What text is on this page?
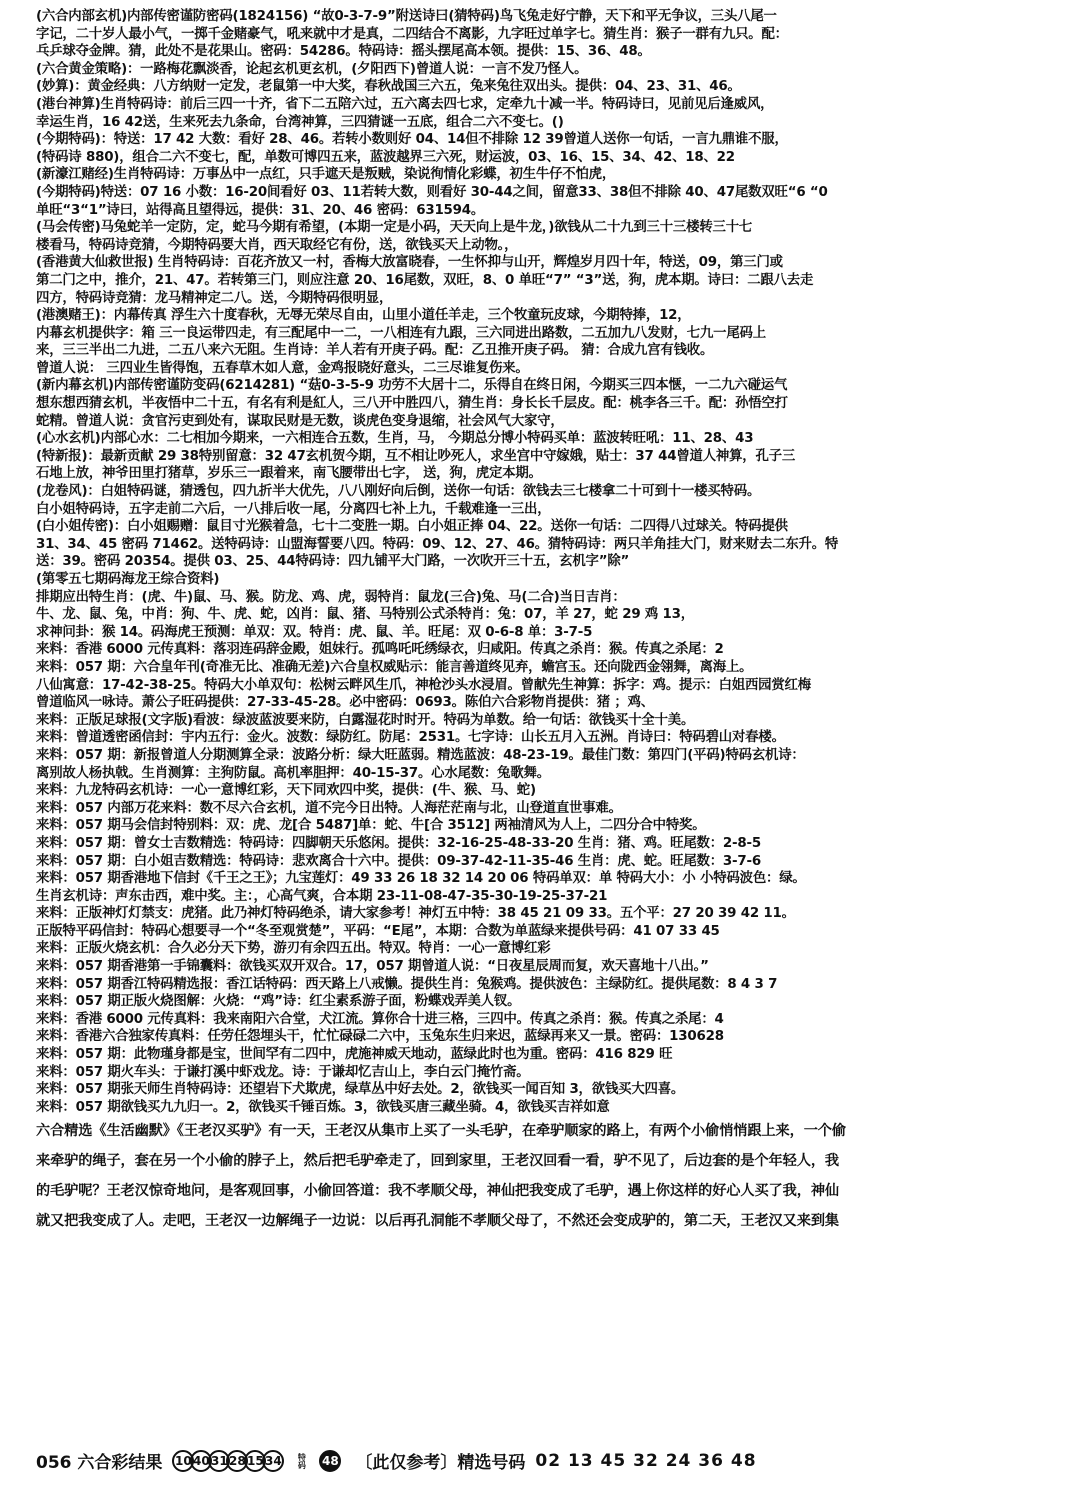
(六合内部玄机)内部传密谨防密码(1824156) “故0-3-7-9”附送诗曰(猜特码)鸟飞兔走好宁静，天下和平无争议，三头八尾一
字记，二十岁人最小气，一掷千金赌豪气，吼来就中才是真，二四结合不离影，九字旺过单字七。猜生肖：猴子一群有九只。配：
乓乒球夺金牌。猜，此处不是花果山。密码：54286。特码诗：摇头摆尾高本领。提供：15、36、48。
(六合黄金策略)：一路梅花飘淡香，论起玄机更玄机，(夕阳西下)曾道人说：一言不发乃怪人。
(妙算)：黄金经典：八方纳财一定发，老鼠第一中大奖，春秋战国三六五，兔来兔往双出头。提供：04、23、31、46。
(港台神算)生肖特码诗：前后三四一十齐，省下二五陪六过，五六离去四七求，定牵九十减一半。特码诗曰，见前见后逢威风，
幸运生肖，16 42送，生来死去九条命，台湾神算，三四猜谜一五底，组合二六不变七。()
(今期特码)：特送：17 42 大数：看好 28、46。若转小数则好 04、14但不排除 12 39曾道人送你一句话，一言九鼎谁不服，
(特码诗 880)，组合二六不变七，配，单数可博四五来，蓝波越界三六死，财运波，03、16、15、34、42、18、22
(新濠江赌经)生肖特码诗：万事丛中一点红，只手遮天是叛贼，染说徇情化彩蝶，初生牛仔不怕虎，
(今期特码)特送：07 16 小数：16-20间看好 03、11若转大数，则看好 30-44之间，留意33、38但不排除 40、47尾数双旺“6 “0
单旺“3“1”诗曰，站得高且望得远，提供：31、20、46 密码：631594。
(马会传密)马兔蛇羊一定防，定，蛇马今期有希望，(本期一定是小码，天天向上是牛龙，)欲钱从二十九到三十三楼转三十七
楼看马，特码诗竞猜，今期特码要大肖，西天取经它有份，送，欲钱买天上动物。，
(香港黄大仙救世报) 生肖特码诗：百花齐放又一村，香梅大放富晓春，一生怀抑与山开，辉煌岁月四十年，特送，09，第三门或
第二门之中，推介，21、47。若转第三门，则应注意 20、16尾数，双旺，8、0 单旺“7” “3”送，狗，虎本期。诗曰：二跟八去走
四方，特码诗竞猜：龙马精神定二八。送，今期特码很明显，
(港澳赌王)：内幕传真 浮生六十度春秋，无辱无荣尽自由，山里小道任羊走，三个牧童玩皮球，今期特捧，12，
内幕玄机提供字：箱 三一良运带四走，有三配尾中一二，一八相连有九跟，三六同进出路数，二五加九八发财，七九一尾码上
来，三三半出二九进，二五八来六无阻。生肖诗：羊人若有开庚子码。配：乙丑推开庚子码。 猜：合成九宫有钱收。
曾道人说： 三四业生皆得饱，五春草木如人意，金鸡报晓好意头，二三尽谁复伤来。
(新内幕玄机)内部传密谨防变码(6214281) “菇0-3-5-9 功劳不大居十二，乐得自在终日闲，今期买三四本惬，一二九六碰运气
想东想西猜玄机，半夜悟中二十五，有名有利是紅人，三八开中胜四八，猜生肖：身长长千层皮。配：桃李各三千。配：孙悟空打
蛇精。曾道人说：贪官污吏到处有，谋取民财是无数，谈虎色变身退缩，社会风气大家守，
(心水玄机)内部心水：二七相加今期来，一六相连合五数，生肖，马， 今期总分博小特码买单：蓝波转旺吼：11、28、43
(特新报)：最新贡献 29 38特别留意：32 47玄机贺今期，互不相让吵死人，求坐宫中守嫁娥，贴士：37 44曾道人神算，孔子三
石地上放，神爷田里打猪草，岁乐三一跟着来，南飞腰带出七字， 送，狗，虎定本期。
(龙卷风)：白姐特码谜，猜透包，四九折半大优先，八八刚好向后倒，送你一句话：欲钱去三七楼拿二十可到十一楼买特码。
白小姐特码诗，五字走前二六后，一八排后收一尾，分离四七补上九，千载难逢一三出，
(白小姐传密)：白小姐赐赠：鼠目寸光猴着急，七十二变胜一期。白小姐正捧 04、22。送你一句话：二四得八过球关。特码提供
31、34、45 密码 71462。送特码诗：山盟海誓要八四。特码：09、12、27、46。猜特码诗：两只羊角挂大门，财来财去二东升。特
送：39。密码 20354。提供 03、25、44特码诗：四九铺平大门路，一次吹开三十五，玄机字”除”
(第零五七期码海龙王综合资料)
排期应出特生肖：(虎、牛)鼠、马、猴。防龙、鸡、虎，弱特肖：鼠龙(三合)兔、马(二合)当日吉肖：
牛、龙、鼠、兔，中肖：狗、牛、虎、蛇，凶肖：鼠、猪、马特别公式杀特肖：兔：07，羊 27，蛇 29 鸡 13，
求神问卦：猴 14。码海虎王预测：单双：双。特肖：虎、鼠、羊。旺尾：双 0-6-8 单：3-7-5
来料：香港 6000 元传真料：落羽连码辞金殿，姐妹行。孤鸣吒吒绣绿衣，归咸阳。传真之杀肖：猴。传真之杀尾：2
来料：057 期：六合皇年刊(奇准无比、准确无差)六合皇权威贴示：能言善道终见弃，蟾宫玉。还向陇西金翎舞，离海上。
八仙寓意：17-42-38-25。特码大小单双句：松树云畔风生爪，神枪沙头水浸眉。曾献先生神算：拆字：鸡。提示：白姐西园赏红梅
曾道临风一咏诗。萧公子旺码提供：27-33-45-28。必中密码：0693。陈伯六合彩物肖提供：猪 ；鸡、
来料：正版足球报(文字版)看波：绿波蓝波要来防，白露湿花时时开。特码为单数。给一句话：欲钱买十全十美。
来料：曾道透密函信封：宇内五行：金火。波数：绿防红。防尾：2531。七字诗：山长五月入五洲。肖诗曰：特码碧山对春楼。
来料：057 期：新报曾道人分期测算全录：波路分析：绿大旺蓝弱。精选蓝波：48-23-19。最佳门数：第四门(平码)特码玄机诗：
离别故人杨执戟。生肖测算：主狗防鼠。高机率胆押：40-15-37。心水尾数：兔歌舞。
来料：九龙特码玄机诗：一心一意博红彩，天下同欢四中奖，提供：(牛、猴、马、蛇)
来料：057 内部万花来料：数不尽六合玄机，道不完今日出特。人海茫茫南与北，山登道直世事难。
来料：057 期马会信封特别料：双：虎、龙[合 5487]单：蛇、牛[合 3512] 两袖清风为人上，二四分合中特奖。
来料：057 期：曾女士吉数精选：特码诗：四脚朝天乐悠闲。提供：32-16-25-48-33-20 生肖：猪、鸡。旺尾数：2-8-5
来料：057 期：白小姐吉数精选：特码诗：悲欢离合十六中。提供：09-37-42-11-35-46 生肖：虎、蛇。旺尾数：3-7-6
来料：057 期香港地下信封《千王之王》；九宝莲灯：49 33 26 18 32 14 20 06 特码单双：单 特码大小：小 小特码波色：绿。
生肖玄机诗：声东击西，难中奖。主：，心高气爽，合本期 23-11-08-47-35-30-19-25-37-21
来料：正版神灯灯禁支：虎猪。此乃神灯特码绝杀，请大家参考！神灯五中特：38 45 21 09 33。五个平：27 20 39 42 11。
正版特平码信封：特码心想要寻一个“冬至观赏楚”，平码：“E尾”，本期：合数为单蓝绿来提供号码：41 07 33 45
来料：正版火烧玄机：合久必分天下势，游刃有余四五出。特双。特肖：一心一意博红彩
来料：057 期香港第一手锦囊料：欲钱买双开双合。17，057 期曾道人说：“日夜星辰周而复，欢天喜地十八出。”
来料：057 期香江特码精选报：香江话特码：西天路上八戒懒。提供生肖：兔猴鸡。提供波色：主绿防红。提供尾数：8 4 3 7
来料：057 期正版火烧图解：火烧：“鸡”诗：红尘素系游子面，粉蝶戏弄美人钗。
来料：香港 6000 元传真料：我来南阳六合堂，犬江流。算你合十进三格，三四中。传真之杀肖：猴。传真之杀尾：4
来料：香港六合独家传真料：任劳任怨埋头干，忙忙碌碌二六中，玉兔东生归来迟，蓝绿再来又一景。密码：130628
来料：057 期：此物瑾身都是宝，世间罕有二四中，虎施神威天地动，蓝绿此时也为重。密码：416 829 旺
来料：057 期火车头：于谦打溪中虾戏龙。诗：于谦却忆吉山上，李白云门掩竹斋。
来料：057 期张天师生肖特码诗：还望岩下犬欺虎，绿草丛中好去处。2，欲钱买一闻百知 3，欲钱买大四喜。
来料：057 期欲钱买九九归一。2，欲钱买千锤百炼。3，欲钱买唐三藏坐骑。4，欲钱买吉祥如意
六合精选《生活幽默》《王老汉买驴》有一天，王老汉从集市上买了一头毛驴，在牵驴顺家的路上，有两个小偷悄悄跟上来，一个偷
来牵驴的绳子，套在另一个小偷的脖子上，然后把毛驴牵走了，回到家里，王老汉回看一看，驴不见了，后边套的是个年轻人，我
的毛驴呢？王老汉惊奇地问，是客观回事，小偷回答道：我不孝顺父母，神仙把我变成了毛驴，遇上你这样的好心人买了我，神仙
就又把我变成了人。走吧，王老汉一边解绳子一边说：以后再孔洞能不孝顺父母了，不然还会变成驴的，第二天，王老汉又来到集
056 六合彩结果 104031281534 特码 48 〔此仅参考〕精选号码 02 13 45 32 24 36 48
